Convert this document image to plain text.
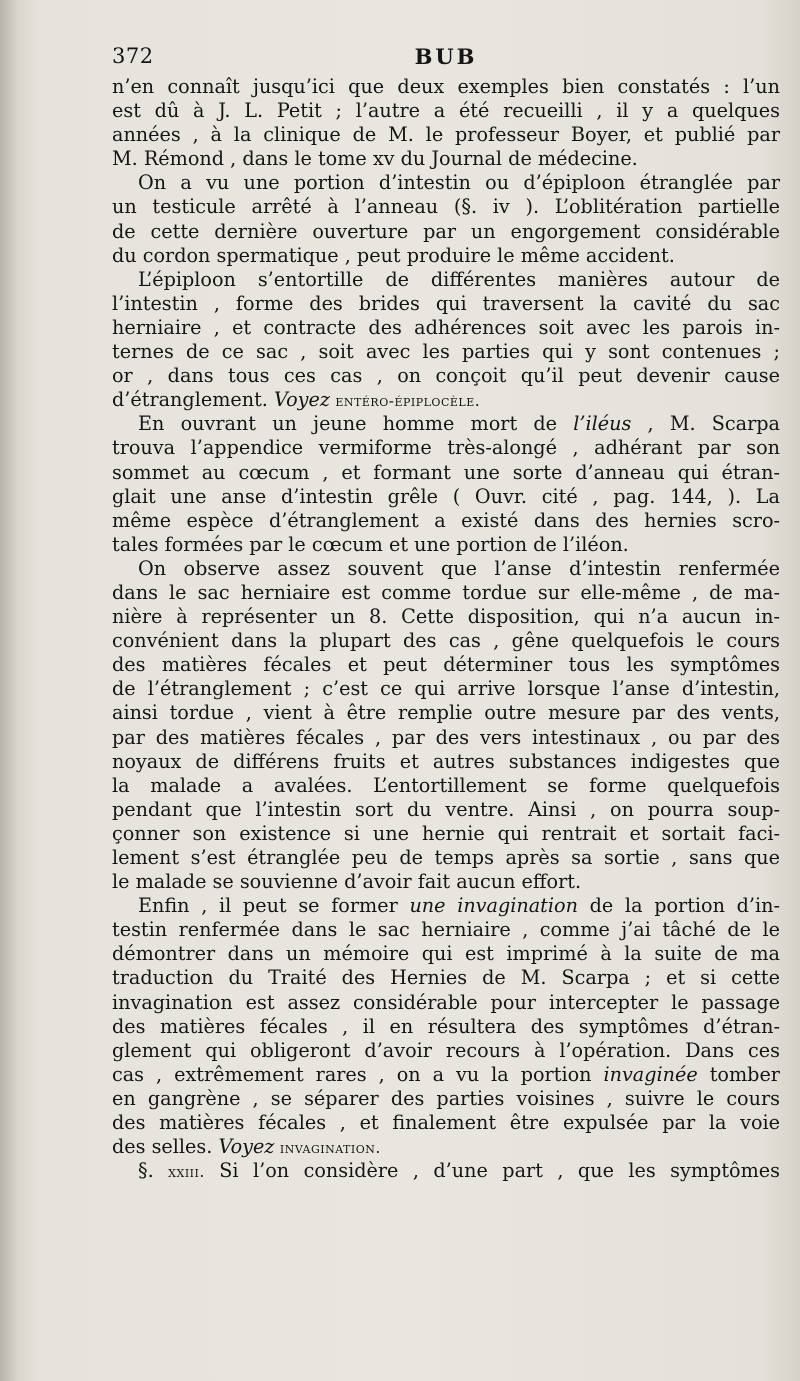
372	BUB
n’en connaît jusqu’ici que deux exemples bien constatés : l’un
est dû à J. L. Petit ; l’autre a été recueilli , il y a quelques
années , à la clinique de M. le professeur Boyer, et publié par
M. Rémond , dans le tome xv du Journal de médecine.
On a vu une portion d’intestin ou d’épiploon étranglée par
un testicule arrêté à l’anneau (§. iv ). L’oblitération partielle
de cette dernière ouverture par un engorgement considérable
du cordon spermatique , peut produire le même accident.
L’épiploon s’entortille de différentes manières autour de
l’intestin , forme des brides qui traversent la cavité du sac
herniaire , et contracte des adhérences soit avec les parois in-
ternes de ce sac , soit avec les parties qui y sont contenues ;
or , dans tous ces cas , on conçoit qu’il peut devenir cause
d’étranglement. Voyez entéro-épiplocèle.
En ouvrant un jeune homme mort de l’iléus , M. Scarpa
trouva l’appendice vermiforme très-alongé , adhérant par son
sommet au cœcum , et formant une sorte d’anneau qui étran-
glait une anse d’intestin grêle ( Ouvr. cité , pag. 144, ). La
même espèce d’étranglement a existé dans des hernies scro-
tales formées par le cœcum et une portion de l’iléon.
On observe assez souvent que l’anse d’intestin renfermée
dans le sac herniaire est comme tordue sur elle-même , de ma-
nière à représenter un 8. Cette disposition, qui n’a aucun in-
convénient dans la plupart des cas , gêne quelquefois le cours
des matières fécales et peut déterminer tous les symptômes
de l’étranglement ; c’est ce qui arrive lorsque l’anse d’intestin,
ainsi tordue , vient à être remplie outre mesure par des vents,
par des matières fécales , par des vers intestinaux , ou par des
noyaux de différens fruits et autres substances indigestes que
la malade a avalées. L’entortillement se forme quelquefois
pendant que l’intestin sort du ventre. Ainsi , on pourra soup-
çonner son existence si une hernie qui rentrait et sortait faci-
lement s’est étranglée peu de temps après sa sortie , sans que
le malade se souvienne d’avoir fait aucun effort.
Enfin , il peut se former une invagination de la portion d’in-
testin renfermée dans le sac herniaire , comme j’ai tâché de le
démontrer dans un mémoire qui est imprimé à la suite de ma
traduction du Traité des Hernies de M. Scarpa ; et si cette
invagination est assez considérable pour intercepter le passage
des matières fécales , il en résultera des symptômes d’étran-
glement qui obligeront d’avoir recours à l’opération. Dans ces
cas , extrêmement rares , on a vu la portion invaginée tomber
en gangrène , se séparer des parties voisines , suivre le cours
des matières fécales , et finalement être expulsée par la voie
des selles. Voyez invagination.
§. xxiii. Si l’on considère , d’une part , que les symptômes
